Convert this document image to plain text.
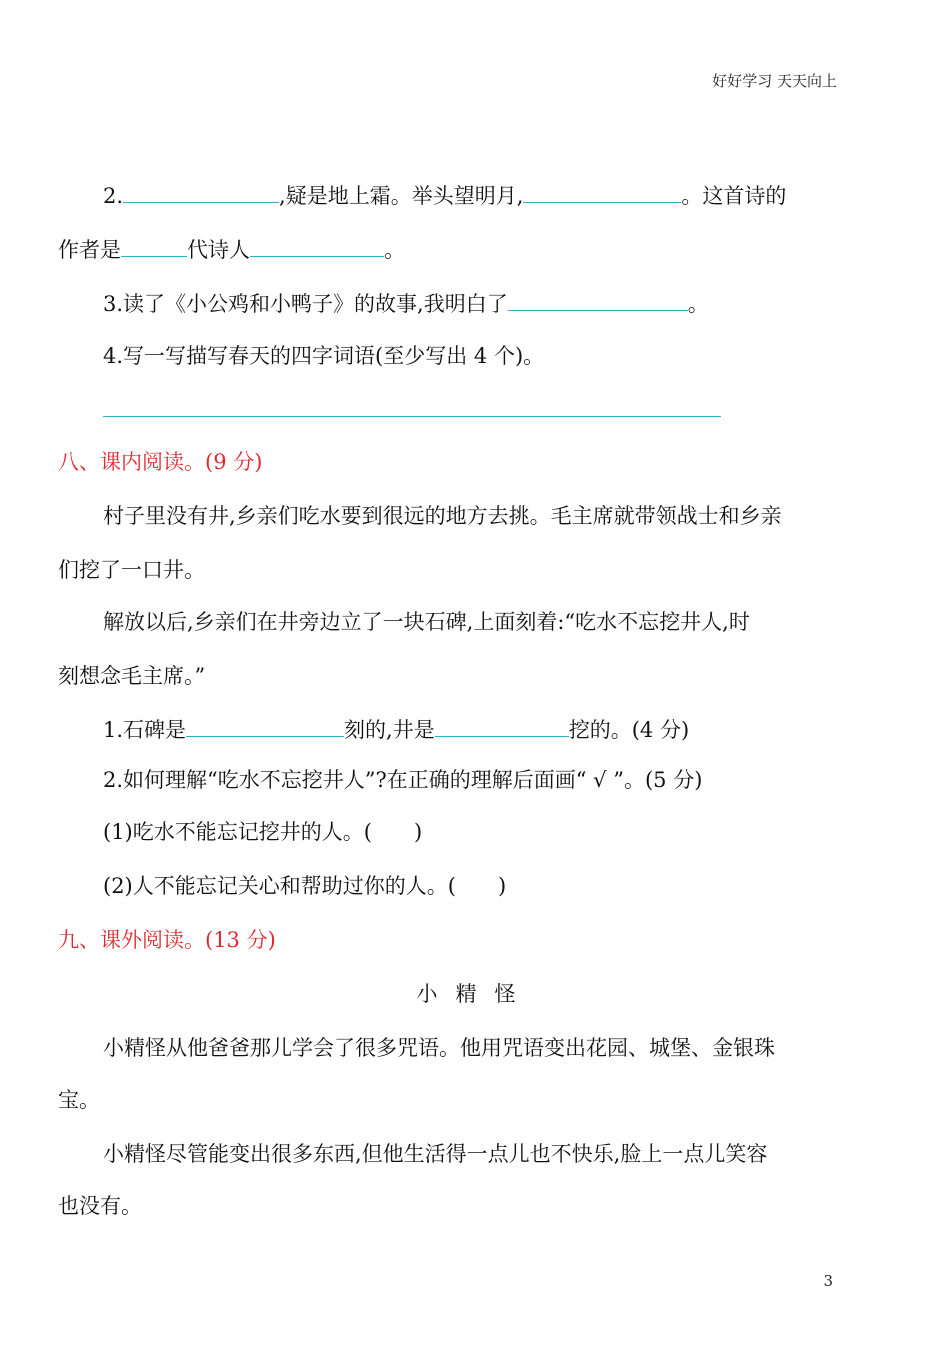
好好学习 天天向上
2.	,疑是地上霜。举头望明月,	。这首诗的
作者是	代诗人	。
3.读了《小公鸡和小鸭子》的故事,我明白了	。
4.写一写描写春天的四字词语(至少写出 4 个)。
八、课内阅读。(9 分)
村子里没有井,乡亲们吃水要到很远的地方去挑。毛主席就带领战士和乡亲
们挖了一口井。
解放以后,乡亲们在井旁边立了一块石碑,上面刻着:“吃水不忘挖井人,时
刻想念毛主席。”
1.石碑是	刻的,井是	挖的。(4 分)
2.如何理解“吃水不忘挖井人”?在正确的理解后面画“ √ ”。(5 分)
(1)吃水不能忘记挖井的人。(　　)
(2)人不能忘记关心和帮助过你的人。(　　)
九、课外阅读。(13 分)
小精怪
小精怪从他爸爸那儿学会了很多咒语。他用咒语变出花园、城堡、金银珠
宝。
小精怪尽管能变出很多东西,但他生活得一点儿也不快乐,脸上一点儿笑容
也没有。
3
